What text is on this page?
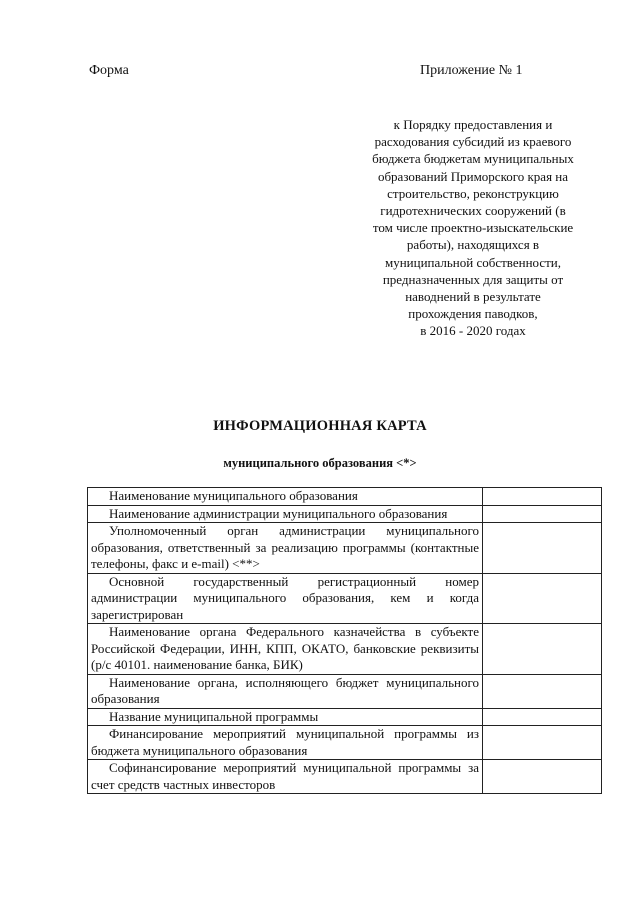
Форма	Приложение № 1
к Порядку предоставления и
расходования субсидий из краевого
бюджета бюджетам муниципальных
образований Приморского края на
строительство, реконструкцию
гидротехнических сооружений (в
том числе проектно-изыскательские
работы), находящихся в
муниципальной собственности,
предназначенных для защиты от
наводнений в результате
прохождения паводков,
в 2016 - 2020 годах
ИНФОРМАЦИОННАЯ КАРТА
муниципального образования <*>
Наименование муниципального образования	
Наименование администрации муниципального образования	
Уполномоченный орган администрации муниципального образования, ответственный за реализацию программы (контактные телефоны, факс и e-mail) <**>	
Основной государственный регистрационный номер администрации муниципального образования, кем и когда зарегистрирован	
Наименование органа Федерального казначейства в субъекте Российской Федерации, ИНН, КПП, ОКАТО, банковские реквизиты (р/с 40101. наименование банка, БИК)	
Наименование органа, исполняющего бюджет муниципального образования	
Название муниципальной программы	
Финансирование мероприятий муниципальной программы из бюджета муниципального образования	
Софинансирование мероприятий муниципальной программы за счет средств частных инвесторов	
